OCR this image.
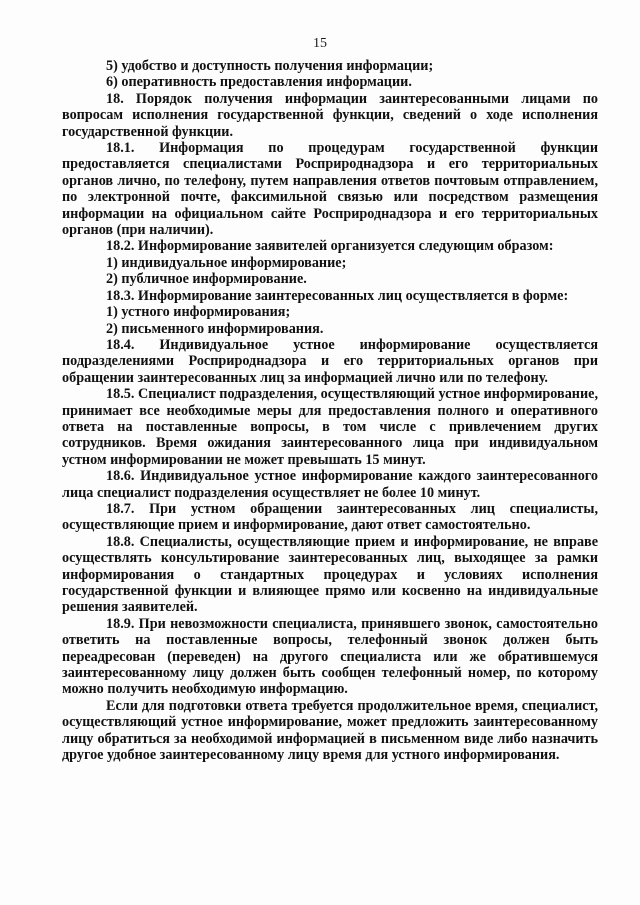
15

5) удобство и доступность получения информации;

6) оперативность предоставления информации.

18. Порядок получения информации заинтересованными лицами по вопросам исполнения государственной функции, сведений о ходе исполнения государственной функции.

18.1. Информация по процедурам государственной функции предоставляется специалистами Росприроднадзора и его территориальных органов лично, по телефону, путем направления ответов почтовым отправлением, по электронной почте, факсимильной связью или посредством размещения информации на официальном сайте Росприроднадзора и его территориальных органов (при наличии).

18.2. Информирование заявителей организуется следующим образом:

1) индивидуальное информирование;

2) публичное информирование.

18.3. Информирование заинтересованных лиц осуществляется в форме:

1) устного информирования;

2) письменного информирования.

18.4. Индивидуальное устное информирование осуществляется подразделениями Росприроднадзора и его территориальных органов при обращении заинтересованных лиц за информацией лично или по телефону.

18.5. Специалист подразделения, осуществляющий устное информирование, принимает все необходимые меры для предоставления полного и оперативного ответа на поставленные вопросы, в том числе с привлечением других сотрудников. Время ожидания заинтересованного лица при индивидуальном устном информировании не может превышать 15 минут.

18.6. Индивидуальное устное информирование каждого заинтересованного лица специалист подразделения осуществляет не более 10 минут.

18.7. При устном обращении заинтересованных лиц специалисты, осуществляющие прием и информирование, дают ответ самостоятельно.

18.8. Специалисты, осуществляющие прием и информирование, не вправе осуществлять консультирование заинтересованных лиц, выходящее за рамки информирования о стандартных процедурах и условиях исполнения государственной функции и влияющее прямо или косвенно на индивидуальные решения заявителей.

18.9. При невозможности специалиста, принявшего звонок, самостоятельно ответить на поставленные вопросы, телефонный звонок должен быть переадресован (переведен) на другого специалиста или же обратившемуся заинтересованному лицу должен быть сообщен телефонный номер, по которому можно получить необходимую информацию.

Если для подготовки ответа требуется продолжительное время, специалист, осуществляющий устное информирование, может предложить заинтересованному лицу обратиться за необходимой информацией в письменном виде либо назначить другое удобное заинтересованному лицу время для устного информирования.
